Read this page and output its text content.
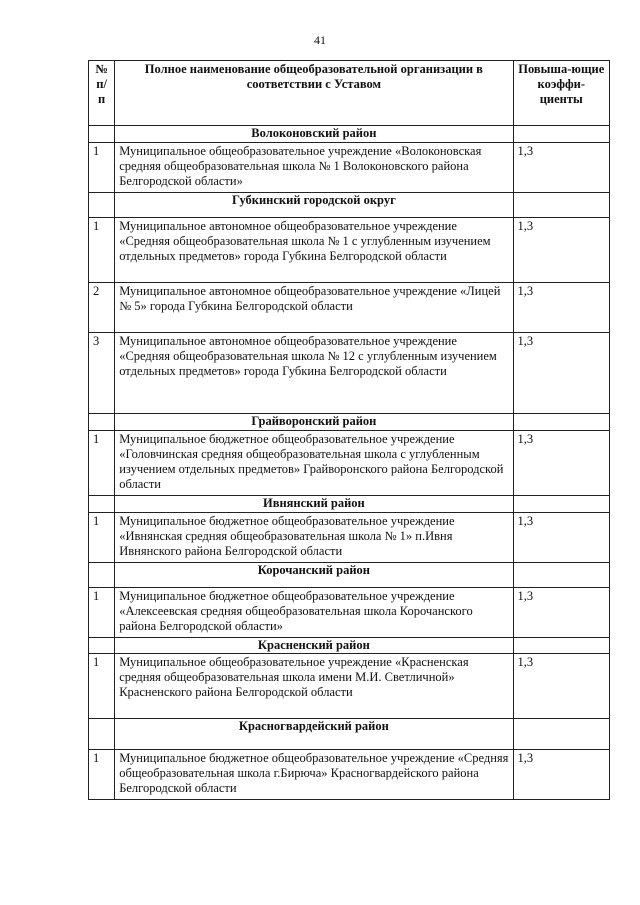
41
№ п/п	Полное наименование общеобразовательной организации в соответствии с Уставом	Повыша-ющие коэффи-циенты
	Волоконовский район	
1	Муниципальное общеобразовательное учреждение «Волоконовская средняя общеобразовательная школа № 1 Волоконовского района Белгородской области»	1,3
	Губкинский городской округ	
1	Муниципальное автономное общеобразовательное учреждение «Средняя общеобразовательная школа № 1 с углубленным изучением отдельных предметов» города Губкина Белгородской области	1,3
2	Муниципальное автономное общеобразовательное учреждение «Лицей № 5» города Губкина Белгородской области	1,3
3	Муниципальное автономное общеобразовательное учреждение «Средняя общеобразовательная школа № 12 с углубленным изучением отдельных предметов» города Губкина Белгородской области	1,3
	Грайворонский район	
1	Муниципальное бюджетное общеобразовательное учреждение «Головчинская средняя общеобразовательная школа с углубленным изучением отдельных предметов» Грайворонского района Белгородской области	1,3
	Ивнянский район	
1	Муниципальное бюджетное общеобразовательное учреждение «Ивнянская средняя общеобразовательная школа № 1» п.Ивня Ивнянского района Белгородской области	1,3
	Корочанский район	
1	Муниципальное бюджетное общеобразовательное учреждение «Алексеевская средняя общеобразовательная школа Корочанского района Белгородской области»	1,3
	Красненский район	
1	Муниципальное общеобразовательное учреждение «Красненская средняя общеобразовательная школа имени М.И. Светличной» Красненского района Белгородской области	1,3
	Красногвардейский район	
1	Муниципальное бюджетное общеобразовательное учреждение «Средняя общеобразовательная школа г.Бирюча» Красногвардейского района Белгородской области	1,3
